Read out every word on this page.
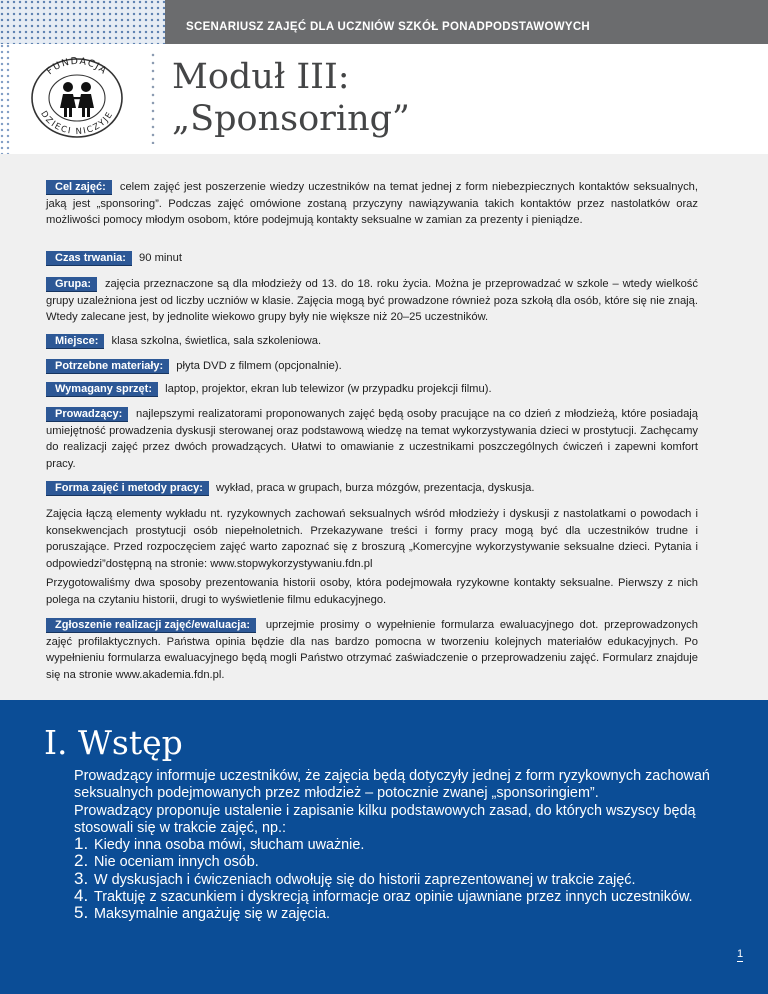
SCENARIUSZ ZAJĘĆ DLA UCZNIÓW SZKÓŁ PONADPODSTAWOWYCH
FUNDACJA
DZIECI NICZYJE
Moduł III:
„Sponsoring”
Cel zajęć: celem zajęć jest poszerzenie wiedzy uczestników na temat jednej z form niebezpiecznych kontaktów seksualnych, jaką jest „sponsoring”. Podczas zajęć omówione zostaną przyczyny nawiązywania takich kontaktów przez nastolatków oraz możliwości pomocy młodym osobom, które podejmują kontakty seksualne w zamian za prezenty i pieniądze.
Czas trwania: 90 minut
Grupa: zajęcia przeznaczone są dla młodzieży od 13. do 18. roku życia. Można je przeprowadzać w szkole – wtedy wielkość grupy uzależniona jest od liczby uczniów w klasie. Zajęcia mogą być prowadzone również poza szkołą dla osób, które się nie znają. Wtedy zalecane jest, by jednolite wiekowo grupy były nie większe niż 20–25 uczestników.
Miejsce: klasa szkolna, świetlica, sala szkoleniowa.
Potrzebne materiały: płyta DVD z filmem (opcjonalnie).
Wymagany sprzęt: laptop, projektor, ekran lub telewizor (w przypadku projekcji filmu).
Prowadzący: najlepszymi realizatorami proponowanych zajęć będą osoby pracujące na co dzień z młodzieżą, które posiadają umiejętność prowadzenia dyskusji sterowanej oraz podstawową wiedzę na temat wykorzystywania dzieci w prostytucji. Zachęcamy do realizacji zajęć przez dwóch prowadzących. Ułatwi to omawianie z uczestnikami poszczególnych ćwiczeń i zapewni komfort pracy.
Forma zajęć i metody pracy: wykład, praca w grupach, burza mózgów, prezentacja, dyskusja.
Zajęcia łączą elementy wykładu nt. ryzykownych zachowań seksualnych wśród młodzieży i dyskusji z nastolatkami o powodach i konsekwencjach prostytucji osób niepełnoletnich. Przekazywane treści i formy pracy mogą być dla uczestników trudne i poruszające. Przed rozpoczęciem zajęć warto zapoznać się z broszurą „Komercyjne wykorzystywanie seksualne dzieci. Pytania i odpowiedzi”dostępną na stronie: www.stopwykorzystywaniu.fdn.pl
Przygotowaliśmy dwa sposoby prezentowania historii osoby, która podejmowała ryzykowne kontakty seksualne. Pierwszy z nich polega na czytaniu historii, drugi to wyświetlenie filmu edukacyjnego.
Zgłoszenie realizacji zajęć/ewaluacja: uprzejmie prosimy o wypełnienie formularza ewaluacyjnego dot. przeprowadzonych zajęć profilaktycznych. Państwa opinia będzie dla nas bardzo pomocna w tworzeniu kolejnych materiałów edukacyjnych. Po wypełnieniu formularza ewaluacyjnego będą mogli Państwo otrzymać zaświadczenie o przeprowadzeniu zajęć. Formularz znajduje się na stronie www.akademia.fdn.pl.
I. Wstęp

Prowadzący informuje uczestników, że zajęcia będą dotyczyły jednej z form ryzykownych zachowań seksualnych podejmowanych przez młodzież – potocznie zwanej „sponsoringiem”.

Prowadzący proponuje ustalenie i zapisanie kilku podstawowych zasad, do których wszyscy będą stosowali się w trakcie zajęć, np.:

1. Kiedy inna osoba mówi, słucham uważnie.
2. Nie oceniam innych osób.
3. W dyskusjach i ćwiczeniach odwołuję się do historii zaprezentowanej w trakcie zajęć.
4. Traktuję z szacunkiem i dyskrecją informacje oraz opinie ujawniane przez innych uczestników.
5. Maksymalnie angażuję się w zajęcia.
1
